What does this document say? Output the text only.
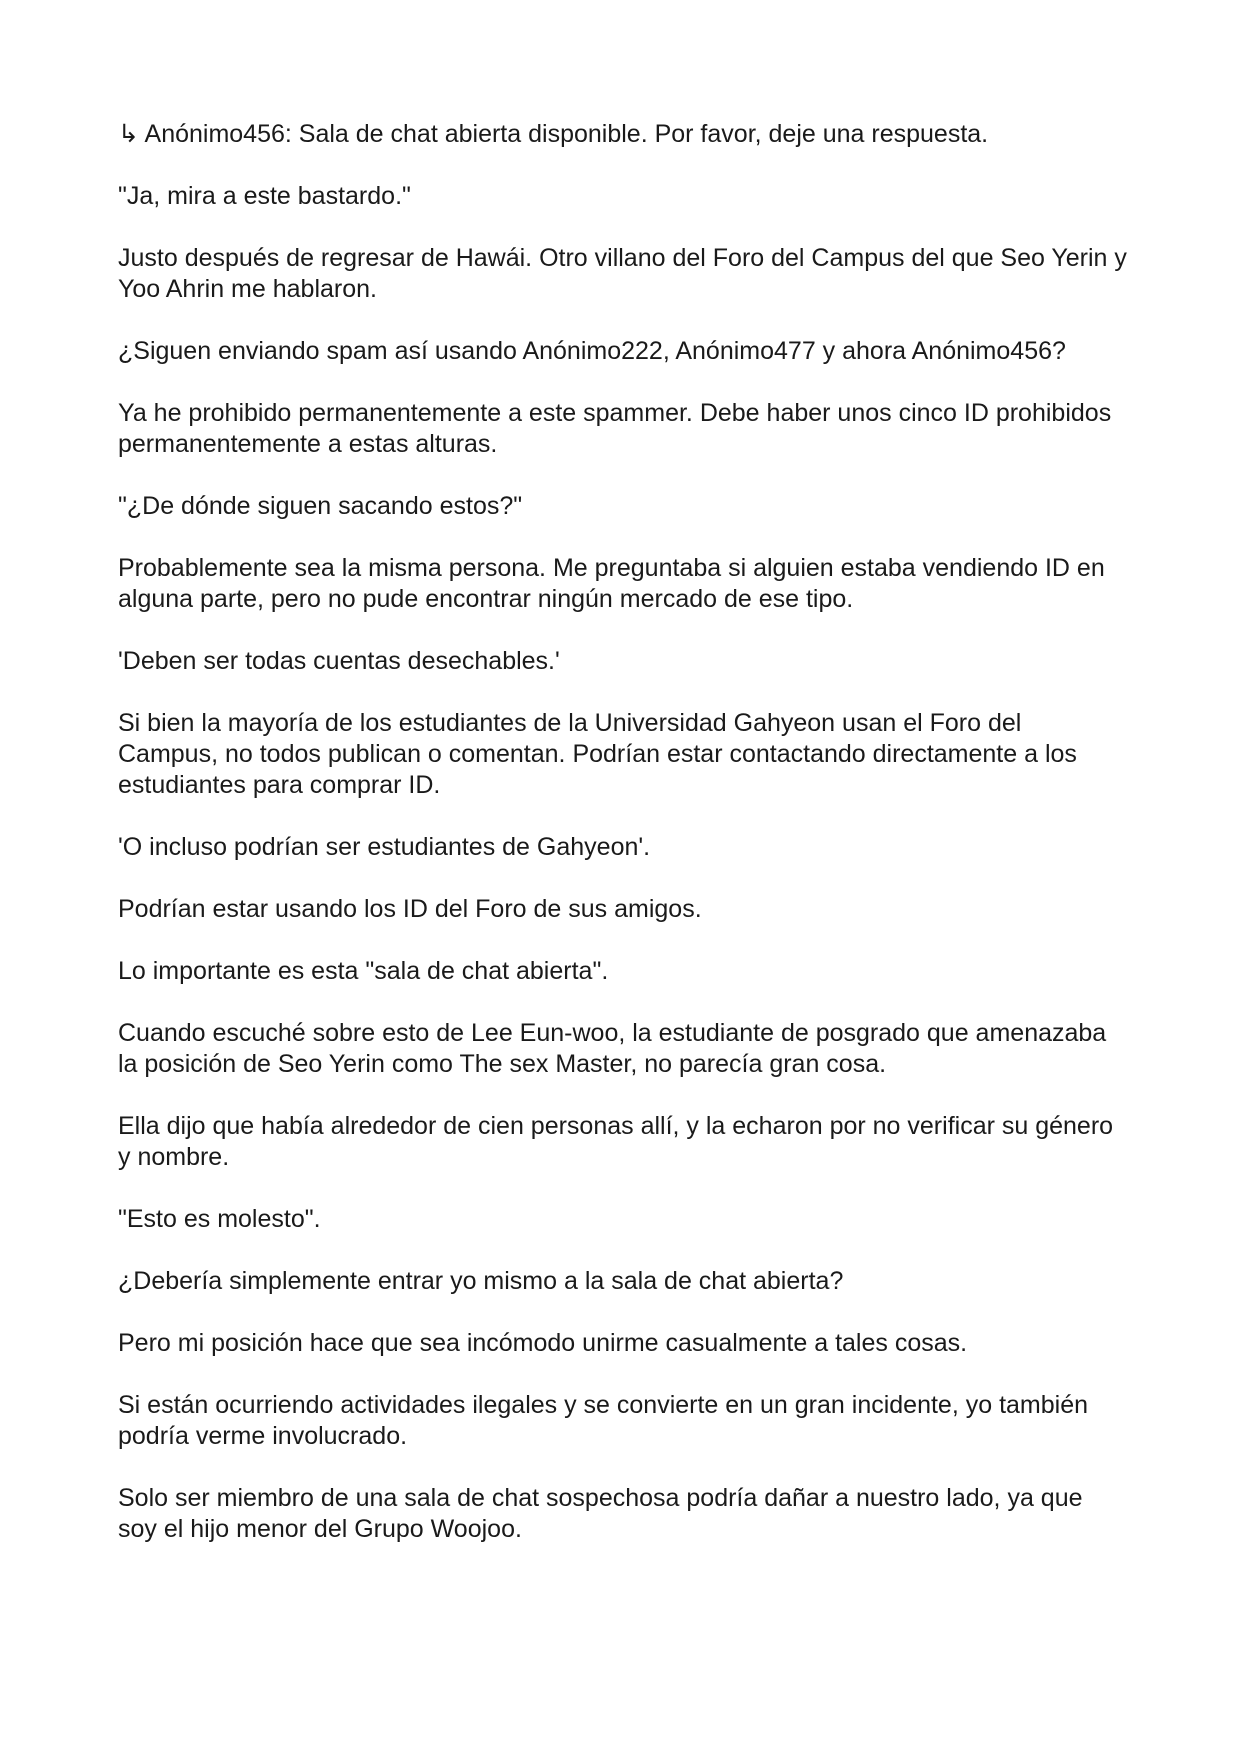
↳ Anónimo456: Sala de chat abierta disponible. Por favor, deje una respuesta.

"Ja, mira a este bastardo."

Justo después de regresar de Hawái. Otro villano del Foro del Campus del que Seo Yerin y Yoo Ahrin me hablaron.

¿Siguen enviando spam así usando Anónimo222, Anónimo477 y ahora Anónimo456?

Ya he prohibido permanentemente a este spammer. Debe haber unos cinco ID prohibidos permanentemente a estas alturas.

"¿De dónde siguen sacando estos?"

Probablemente sea la misma persona. Me preguntaba si alguien estaba vendiendo ID en alguna parte, pero no pude encontrar ningún mercado de ese tipo.

'Deben ser todas cuentas desechables.'

Si bien la mayoría de los estudiantes de la Universidad Gahyeon usan el Foro del Campus, no todos publican o comentan. Podrían estar contactando directamente a los estudiantes para comprar ID.

'O incluso podrían ser estudiantes de Gahyeon'.

Podrían estar usando los ID del Foro de sus amigos.

Lo importante es esta "sala de chat abierta".

Cuando escuché sobre esto de Lee Eun-woo, la estudiante de posgrado que amenazaba la posición de Seo Yerin como The sex Master, no parecía gran cosa.

Ella dijo que había alrededor de cien personas allí, y la echaron por no verificar su género y nombre.

"Esto es molesto".

¿Debería simplemente entrar yo mismo a la sala de chat abierta?

Pero mi posición hace que sea incómodo unirme casualmente a tales cosas.

Si están ocurriendo actividades ilegales y se convierte en un gran incidente, yo también podría verme involucrado.

Solo ser miembro de una sala de chat sospechosa podría dañar a nuestro lado, ya que soy el hijo menor del Grupo Woojoo.
